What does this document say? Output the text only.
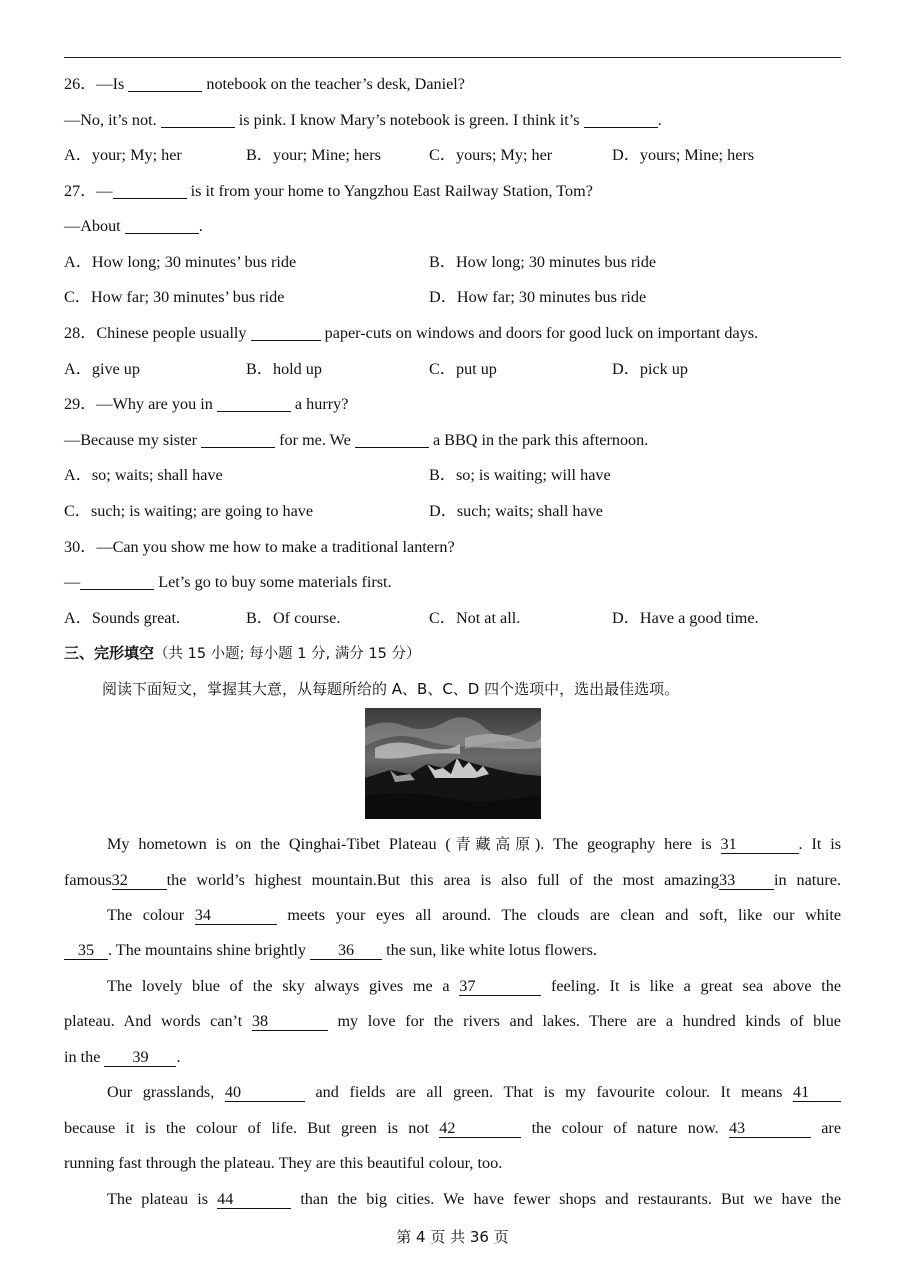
26．—Is	notebook on the teacher’s desk, Daniel?
—No, it’s not.	is pink. I know Mary’s notebook is green. I think it’s	.
A．your; My; her	B．your; Mine; hers	C．yours; My; her	D．yours; Mine; hers
27．—	is it from your home to Yangzhou East Railway Station, Tom?
—About	.
A．How long; 30 minutes’ bus ride	B．How long; 30 minutes bus ride
C．How far; 30 minutes’ bus ride	D．How far; 30 minutes bus ride
28．Chinese people usually	paper-cuts on windows and doors for good luck on important days.
A．give up	B．hold up	C．put up	D．pick up
29．—Why are you in	a hurry?
—Because my sister	for me. We	a BBQ in the park this afternoon.
A．so; waits; shall have	B．so; is waiting; will have
C．such; is waiting; are going to have	D．such; waits; shall have
30．—Can you show me how to make a traditional lantern?
—	Let’s go to buy some materials first.
A．Sounds great.	B．Of course.	C．Not at all.	D．Have a good time.
三、完形填空（共 15 小题; 每小题 1 分, 满分 15 分）
阅读下面短文，掌握其大意，从每题所给的 A、B、C、D 四个选项中，选出最佳选项。
My hometown is on the Qinghai-Tibet Plateau (青藏高原). The geography here is 31	. It is
famous32 the world’s highest mountain.But this area is also full of the most amazing33 in nature.
The colour 34	meets your eyes all around. The clouds are clean and soft, like our white
35 . The mountains shine brightly 36 the sun, like white lotus flowers.
The lovely blue of the sky always gives me a 37	feeling. It is like a great sea above the
plateau. And words can’t 38	my love for the rivers and lakes. There are a hundred kinds of blue
in the 39 .
Our grasslands, 40	and fields are all green. That is my favourite colour. It means 41
because it is the colour of life. But green is not 42	the colour of nature now. 43	are
running fast through the plateau. They are this beautiful colour, too.
The plateau is 44	than the big cities. We have fewer shops and restaurants. But we have the
第 4 页 共 36 页
